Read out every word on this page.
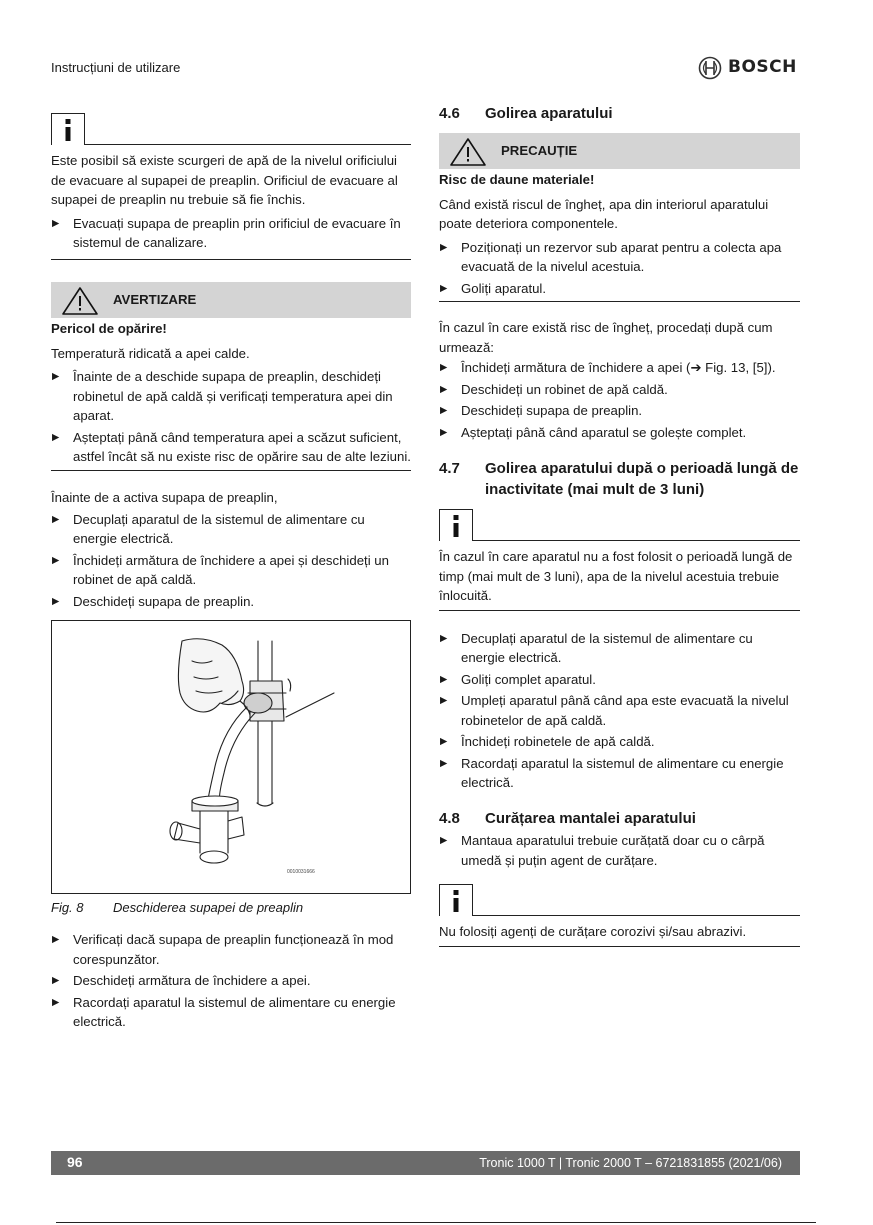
Instrucțiuni de utilizare	BOSCH

Este posibil să existe scurgeri de apă de la nivelul orificiului de evacuare al supapei de preaplin. Orificiul de evacuare al supapei de preaplin nu trebuie să fie închis.

▶ Evacuați supapa de preaplin prin orificiul de evacuare în sistemul de canalizare.
AVERTIZARE
Pericol de opărire!

Temperatură ridicată a apei calde.

▶ Înainte de a deschide supapa de preaplin, deschideți robinetul de apă caldă și verificați temperatura apei din aparat.
▶ Așteptați până când temperatura apei a scăzut suficient, astfel încât să nu existe risc de opărire sau de alte leziuni.

Înainte de a activa supapa de preaplin,

▶ Decuplați aparatul de la sistemul de alimentare cu energie electrică.
▶ Închideți armătura de închidere a apei și deschideți un robinet de apă caldă.
▶ Deschideți supapa de preaplin.
0010031666
Fig. 8 Deschiderea supapei de preaplin
▶ Verificați dacă supapa de preaplin funcționează în mod corespunzător.
▶ Deschideți armătura de închidere a apei.
▶ Racordați aparatul la sistemul de alimentare cu energie electrică.
4.6	Golirea aparatului
PRECAUȚIE
Risc de daune materiale!

Când există riscul de îngheț, apa din interiorul aparatului poate deteriora componentele.

▶ Poziționați un rezervor sub aparat pentru a colecta apa evacuată de la nivelul acestuia.
▶ Goliți aparatul.

În cazul în care există risc de îngheț, procedați după cum urmează:

▶ Închideți armătura de închidere a apei (➔ Fig. 13, [5]).
▶ Deschideți un robinet de apă caldă.
▶ Deschideți supapa de preaplin.
▶ Așteptați până când aparatul se golește complet.
4.7	Golirea aparatului după o perioadă lungă de inactivitate (mai mult de 3 luni)

În cazul în care aparatul nu a fost folosit o perioadă lungă de timp (mai mult de 3 luni), apa de la nivelul acestuia trebuie înlocuită.

▶ Decuplați aparatul de la sistemul de alimentare cu energie electrică.
▶ Goliți complet aparatul.
▶ Umpleți aparatul până când apa este evacuată la nivelul robinetelor de apă caldă.
▶ Închideți robinetele de apă caldă.
▶ Racordați aparatul la sistemul de alimentare cu energie electrică.
4.8	Curățarea mantalei aparatului
▶ Mantaua aparatului trebuie curățată doar cu o cârpă umedă și puțin agent de curățare.

Nu folosiți agenți de curățare corozivi și/sau abrazivi.

96	Tronic 1000 T | Tronic 2000 T – 6721831855 (2021/06)
